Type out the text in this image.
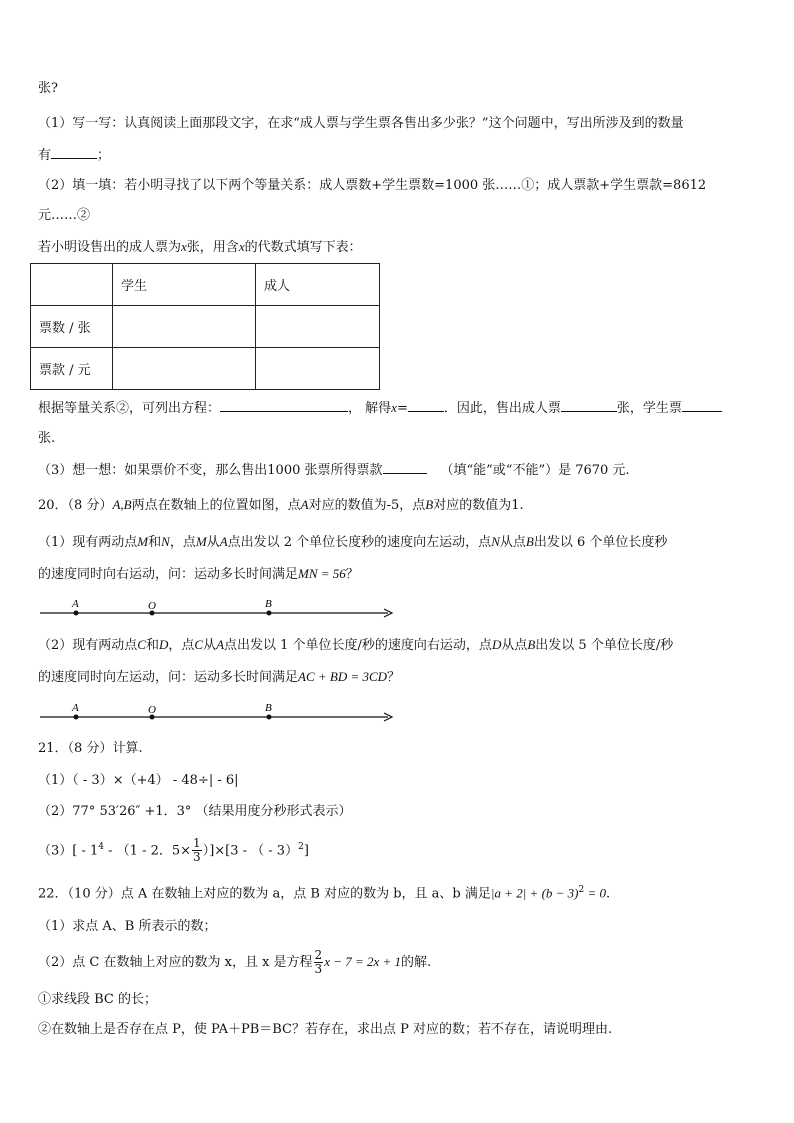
张?
（1）写一写：认真阅读上面那段文字，在求“成人票与学生票各售出多少张？”这个问题中，写出所涉及到的数量
有	；
（2）填一填：若小明寻找了以下两个等量关系：成人票数+学生票数=1000 张……①；成人票款+学生票款=8612
元……②
若小明设售出的成人票为x张，用含x的代数式填写下表：
	学生	成人
票数 / 张		
票款 / 元		
根据等量关系②，可列出方程：	， 解得x=	．因此，售出成人票	张，学生票
张.
（3）想一想：如果票价不变，那么售出1000 张票所得票款	（填“能”或“不能”）是 7670 元.
20．（8 分）A,B两点在数轴上的位置如图，点A对应的数值为-5，点B对应的数值为1.
（1）现有两动点M和N，点M从A点出发以 2 个单位长度秒的速度向左运动，点N从点B出发以 6 个单位长度秒
的速度同时向右运动，问：运动多长时间满足MN = 56？
A	O	B
（2）现有两动点C和D，点C从A点出发以 1 个单位长度/秒的速度向右运动，点D从点B出发以 5 个单位长度/秒
的速度同时向左运动，问：运动多长时间满足AC + BD = 3CD？
A	O	B
21．（8 分）计算.
（1）（ - 3）×（+4） - 48÷| - 6|
（2）77° 53′26″ +1．3° （结果用度分秒形式表示）
$(3)[ - 1^4 - (1 - 2$．$5\times \frac{1}{3} )]\times[3$ - （ - 3）$^2$]
22．（10 分）点 A 在数轴上对应的数为 a，点 B 对应的数为 b，且 a、b 满足$|a + 2| + (b - 3)^2 = 0$.
（1）求点 A、B 所表示的数；
（2）点 C 在数轴上对应的数为 x，且 x 是方程 $\frac{2}{3}$ x − 7 = 2x + 1的解.
①求线段 BC 的长；
②在数轴上是否存在点 P，使 PA＋PB＝BC？若存在，求出点 P 对应的数；若不存在，请说明理由.
